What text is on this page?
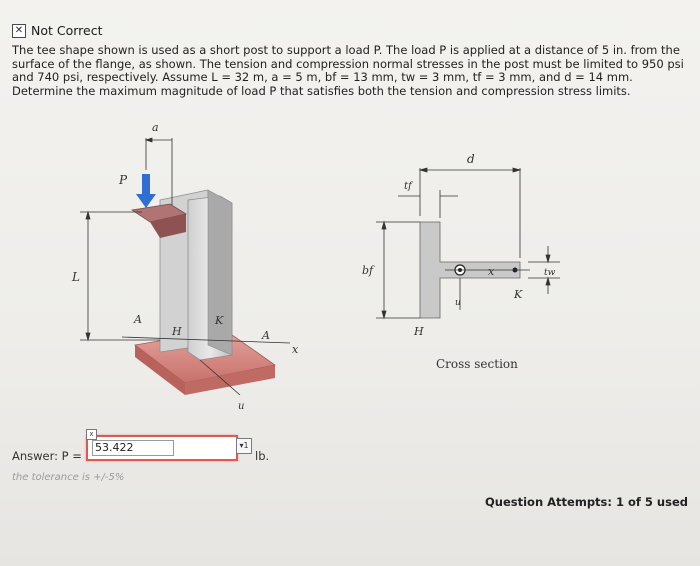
✕ Not Correct

The tee shape shown is used as a short post to support a load P. The load P is applied at a distance of 5 in. from the surface of the flange, as shown. The tension and compression normal stresses in the post must be limited to 950 psi and 740 psi, respectively. Assume L = 32 m, a = 5 m, bf = 13 mm, tw = 3 mm, tf = 3 mm, and d = 14 mm. Determine the maximum magnitude of load P that satisfies both the tension and compression stress limits.

a
P
L
A
H
K
A
x
u
d
tf
bf	x
K
tw
H
u
Cross section
Answer: P =
x
53.422
▾1
lb.
the tolerance is +/-5%
Question Attempts: 1 of 5 used
